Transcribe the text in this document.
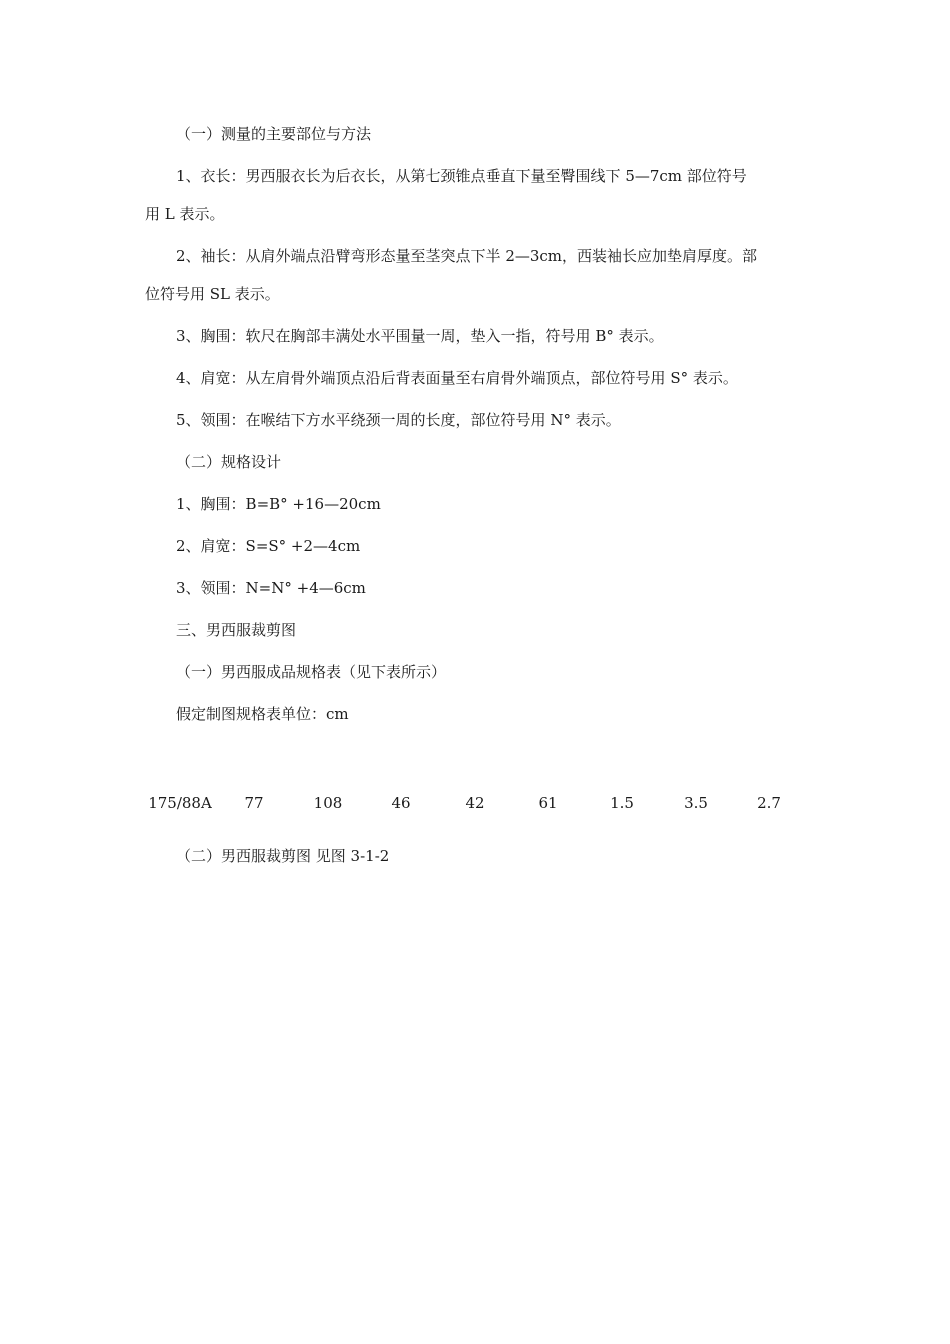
（一）测量的主要部位与方法
1、衣长：男西服衣长为后衣长，从第七颈锥点垂直下量至臀围线下 5—7cm 部位符号
用 L 表示。
2、袖长：从肩外端点沿臂弯形态量至茎突点下半 2—3cm，西装袖长应加垫肩厚度。部
位符号用 SL 表示。
3、胸围：软尺在胸部丰满处水平围量一周，垫入一指，符号用 B° 表示。
4、肩宽：从左肩骨外端顶点沿后背表面量至右肩骨外端顶点，部位符号用 S° 表示。
5、领围：在喉结下方水平绕颈一周的长度，部位符号用 N° 表示。
（二）规格设计
1、胸围：B=B° +16—20cm
2、肩宽：S=S° +2—4cm
3、领围：N=N° +4—6cm
三、男西服裁剪图
（一）男西服成品规格表（见下表所示）
假定制图规格表单位：cm
175/88A	77	108	46	42	61	1.5	3.5	2.7
（二）男西服裁剪图 见图 3-1-2
